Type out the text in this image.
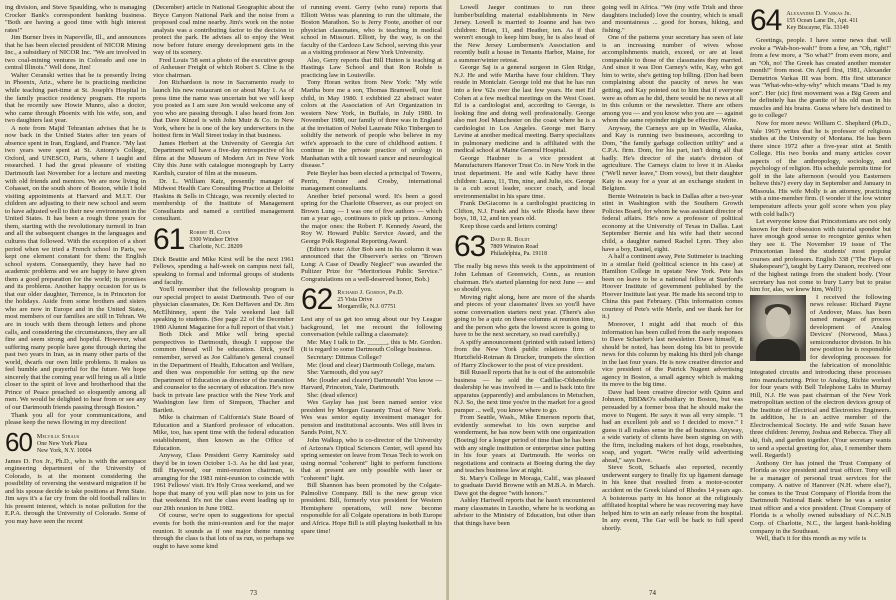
ing division, and Steve Spaulding, who is managing Crocker Bank's correspondent banking business. "Both are having a good time with high interest rates!"

Jim Burner lives in Naperville, Ill., and announces that he has been elected president of NICOR Mining Inc., a subsidiary of NICOR Inc. "We are involved in two coal-mining ventures in Colorado and one in central Illinois." Well done, Jim!

Walter Ceranski writes that he is presently living in Phoenix, Ariz., where he is practicing medicine while teaching part-time at St. Joseph's Hospital in the family practice residency program. He reports that he recently saw Howie Munro, also a doctor, who came through Phoenix with his wife, son, and two daughters last year.

A note from Majid Tehranian advises that he is now back in the United States after ten years of absence spent in Iran, England, and France. "My last two years were spent at St. Antony's College, Oxford, and UNESCO, Paris, where I taught and researched. I had the great pleasure of visiting Dartmouth last November for a lecture and meeting with old friends and mentors. We are now living in Cohasset, on the south shore of Boston, while I hold visiting appointments at Harvard and M.I.T. Our children are adjusting to their new school and seem to have adjusted well to their new environment in the United States. It has been a rough three years for them, starting with the revolutionary turmoil in Iran and all the subsequent changes in the languages and cultures that followed. With the exception of a short period when we tried a French school in Paris, we kept one element constant for them: the English school system. Consequently, they have had no academic problems and we are happy to have given them a good preparation for the world; its promises and its problems. Another happy occasion for us is that our older daughter, Terrence, is in Princeton for the holidays. Aside from some brothers and sisters who are now in Europe and in the United States, most members of our families are still in Tehran. We are in touch with them through letters and phone calls, and considering the circumstances, they are all fine and seem strong and hopeful. However, what suffering many people have gone through during the past two years in Iran, as in many other parts of the world, dwarfs our own little problems. It makes us feel humble and prayerful for the future. We hope sincerely that the coming year will bring us all a little closer to the spirit of love and brotherhood that the Prince of Peace preached so eloquently among all men. We would be delighted to hear from or see any of our Dartmouth friends passing through Boston."

Thank you all for your communications, and please keep the news flowing in my direction!

60 Melville Straus
One New York Plaza
New York, N.Y. 10004

James D. Fox Jr., Ph.D., who is with the aerospace engineering department of the University of Colorado, is at the moment considering the possibility of reversing the westward migration if he and his spouse decide to take positions at Penn State. Jim says it's a far cry from the old football rallies to his present interest, which is noise pollution for the E.P.A. through the University of Colorado. Some of you may have seen the recent

(December) article in National Geographic about the Bryce Canyon National Park and the noise from a proposed coal mine nearby. Jim's work on the noise analysis was a contributing factor to the decision to protect the park. He advises all to enjoy the West now before future energy development gets in the way of its scenery.

Fred Louis '58 sent a photo of the executive group of Anheuser Freight of which Robert S. Cline is the vice chairman.

Jon Richardson is now in Sacramento ready to launch his new restaurant on or about May 1. As of press time the name was uncertain but we will keep you posted as I am sure Jon would welcome any of you who are passing through. I also heard from Jon that Dave Kinzel is with John Muir & Co. in New York, where he is one of the key underwriters in the hottest firm in Wall Street today in that business.

James Herbert at the University of Georgia Art Department will have a five-day retrospective of his films at the Museum of Modern Art in New York City this June with catalogue monograph by Larry Kardish, curator of film at the museum.

Dr. L. William Katz, presently manager of Midwest Health Care Consulting Practice at Deloitte Haskins & Sells in Chicago, was recently elected to membership of the Institute of Management Consultants and named a certified management consultant.

61 Robert H. Conn
3300 Windsor Drive
Charlotte, N.C. 28209

Dick Beattie and Mike Kirst will be the next 1961 Fellows, spending a half-week on campus next fall, speaking to formal and informal groups of students and faculty.

You'll remember that the fellowship program is our special project to assist Dartmouth. Two of our physician classmates, Dr. Ken DeHaven and Dr. Jim McElhinney, spent the Yale weekend last fall speaking to students. (See page 22 of the December 1980 Alumni Magazine for a full report of that visit.)

Both Dick and Mike will bring special perspectives to Dartmouth, though I suppose the common thread will be education. Dick, you'll remember, served as Joe Califano's general counsel in the Department of Health, Education and Welfare, and then was responsible for setting up the new Department of Education as director of the transition and counselor to the secretary of education. He's now back in private law practice with the New York and Washington law firm of Simpson, Thacher and Bartlett.

Mike is chairman of California's State Board of Education and a Stanford professor of education. Mike, too, has spent time with the federal education establishment, then known as the Office of Education.

Anyway, Class President Gerry Kaminsky said they'd be in town October 1-3. As he did last year, Bill Haywood, our mini-reunion chairman, is arranging for the 1981 mini-reunion to coincide with 1961 Fellows' visit. It's Holy Cross weekend, and we hope that many of you will plan now to join us for that weekend. It's not the class event leading up to our 20th reunion in June 1982.

Of course, we're open to suggestions for special events for both the mini-reunion and for the major reunion. It sounds as if one major theme running through the class is that lots of us run, so perhaps we ought to have some kind

of running event. Gerry (who runs) reports that Elliott Weiss was planning to run the ultimate, the Boston Marathon. So is Jerry Foote, another of our physician classmates, who is teaching in medical school in Missouri. Elliott, by the way, is on the faculty of the Cardozo Law School, serving this year as a visiting professor at New York University.

Also, Gerry reports that Bill Hutton is teaching at Hastings Law School and that Ron Rohde is practicing law in Louisville.

Tony Horan writes from New York: "My wife Martha bore me a son, Thomas Bramwell, our first child, in May 1980. I exhibited 22 abstract water colors at the Association of Art Organization in western New York, in Buffalo, in July 1980. In November 1980, our family of three was in England at the invitation of Nobel Laureate Niko Tinbergen to solidify the network of people who believe in my wife's approach to the cure of childhood autism. I continue in the private practice of urology in Manhattan with a tilt toward cancer and neurological disease."

Pete Beyler has been elected a principal of Towers, Perrin, Forster and Crosby, international management consultants.

Another brief personal word. It's been a good spring for the Charlotte Observer, as our project on Brown Lung — I was one of five authors — which ran a year ago, continues to pick up prizes. Among the major ones: the Robert F. Kennedy Award, the Roy W. Howard Public Service Award, and the George Polk Regional Reporting Award.

(Editor's note: After Bob sent in his column it was announced that the Observer's series on "Brown Lung: A Case of Deadly Neglect" was awarded the Pulitzer Prize for "Meritorious Public Service." Congratulations on a well-deserved honor, Bob.)

62 Richard J. Gordon, Ph.D.
25 Vista Drive
Morganville, N.J. 07751

Lest any of us get too smug about our Ivy League background, let me recount the following conversation (while calling a classmate):

Me: May I talk to Dr. ______, this is Mr. Gordon. (It is regard to some Dartmouth College business.

Secretary: Dittmus College?

Me: (loud and clear) Dartmouth College, ma'am.

She: Yarmouth, did you say?

Me: (louder and clearer) Dartmouth! You know — Harvard, Princeton, Yale, Dartmouth.

She: (dead silence)

Wes Gaylay has just been named senior vice president by Morgan Guaranty Trust of New York. Wes was senior equity investment manager for pension and institutional accounts. Wes still lives in Sands Point, N.Y.

John Walkup, who is co-director of the University of Arizona's Optical Sciences Center, will spend his spring semester on leave from Texas Tech to work on using normal "coherent" light to perform functions that at present are only possible with laser or "coherent" light.

Bill Shannon has been promoted by the Colgate-Palmolive Company. Bill is the new group vice president. Bill, formerly vice president for Western Hemisphere operations, will now become responsible for all Colgate operations in both Europe and Africa. Hope Bill is still playing basketball in his spare time!

73

Lowell Jaeger continues to run three lumber/building material establishments in New Jersey. Lowell is married to Joanne and has two children: Brian, 11, and Heather, ten. As if that weren't enough to keep him busy, he is also head of the New Jersey Lumbermen's Association and recently built a house in Tenants Harbor, Maine, for a summer/winter retreat.

George Saj is a general surgeon in Glen Ridge, N.J. He and wife Martha have four children. They reside in Montclair. George told me that he has run into a few '62s over the last few years. He met Ed Cohen at a few medical meetings on the West Coast. Ed is a cardiologist and, according to George, is looking fine and doing well professionally. George also met Joel Manchester on the coast where he is a cardiologist in Los Angeles. George met Barry Levine at another medical meeting. Barry specializes in pulmonary medicine and is affiliated with the medical school at Maine General Hospital.

George Haubner is a vice president at Manufacturers Hanover Trust Co. in New York in the trust department. He and wife Kathy have three children: Laura, 11, Tim, nine, and Julie, six. George is a cub scout leader, soccer coach, and local environmentalist in his spare time.

Frank DeGiacomo is a cardiologist practicing in Clifton, N.J. Frank and his wife Rhoda have three boys, 18, 12, and ten years old.

Keep those cards and letters coming!

63 David R. Boldt
7809 Winston Road
Philadelphia, Pa. 19118

The really big news this week is the appointment of John Lehman of Greenwich, Conn., as reunion chairman. He's started planning for next June — and so should you.

Moving right along, here are more of the shards and pieces of your classmates' lives so you'll have some conversation starters next year. (There's also going to be a quiz on these columns at reunion time, and the person who gets the lowest score is going to have to be the next secretary, so read carefully.)

A spiffy announcement (printed with raised letters) from the New York public relations firm of Hurtzfield-Rotman & Drucker, trumpets the election of Harry Zlockower to the post of vice president.

Bill Russell reports that he is out of the automobile business — he sold the Cadillac-Oldsmobile dealership he was involved in — and is back into fire apparatus (apparently) and ambulances in Metuchen, N.J. So, the next time you're in the market for a good pumper ... well, you know where to go.

From Seattle, Wash., Mike Emerson reports that, evidently somewhat to his own surprise and wonderment, he has now been with one organization (Boeing) for a longer period of time than he has been with any single institution or enterprise since putting in his four years at Dartmouth. He works on negotiations and contracts at Boeing during the day and teaches business law at night.

St. Mary's College in Moraga, Calif., was pleased to graduate David Browne with an M.B.A. in March. Dave got the degree "with honors."

Ashley Hartwell reports that he hasn't encountered many classmates in Lesotho, where he is working as advisor to the Ministry of Education, but other than that things have been

going well in Africa. "We (my wife Trish and three daughters included) love the country, which is small and mountainous ... good for horses, hiking, and fishing."

One of the patterns your secretary has seen of late is an increasing number of wives whose accomplishments match, exceed, or are at least comparable to those of the classmates they married. And since it was Don Carney's wife, Kay, who got him to write, she's getting top billing. (Don had been complaining about the paucity of news he was getting, and Kay pointed out to him that if everyone were as often as he did, there would be no news at all in this column or the newsletter. There are others among you — and you know who you are — against whom the same rejoinder might be effective. Write.

Anyway, the Carneys are up in Wasilla, Alaska, and Kay is running two businesses, according to Dom, "the family garbage collection utility" and a C.P.A. firm. Dom, for his part, isn't doing all that badly. He's director of the state's division of agriculture. The Carneys claim to love it in Alaska ("We'll never leave," Dom vows), but their daughter Katy is away for a year at an exchange student in Belgium.

Bernie Weinstein is back in Dallas after a two-year stint in Washington with the Southern Growth Policies Board, for whom he was assistant director of federal affairs. He's now a professor of political economy at the University of Texas in Dallas. Last September Bernie and his wife had their second child, a daughter named Rachel Lynn. They also have a boy, Daniel, eight.

A half a continent away, Pete Suttmeier is teaching in a similar field (political science in his case) at Hamilton College in upstate New York. Pete has been on leave to be a national fellow at Stanford's Hoover Institute of government published by the Hoover Institute last year. He made his second trip to China this past February. (This information comes courtesy of Pete's wife Merle, and we thank her for it.)

Moreover, I might add that much of this information has been culled from the early responses to Dave Schaefer's last newsletter. Dave himself, it should be noted, has been doing his bit to provide news for this column by making his third job change in the last four years. He is now creative director and vice president of the Patrick Nugent advertising agency in Boston, a small agency which is making its move to the big time.

Dave had been creative director with Quinn and Johnson, BBD&O's subsidiary in Boston, but was persuaded by a former boss that he should make the move to Nugent. He says it was all very simple. "I had an excellent job and so I decided to move." I guess it all makes sense in the ad business. Anyway, a wide variety of clients have been signing on with the firm, including makers of hot dogs, rosebushes, soap, and yogurt. "We're really wild advertising ahead," says Dave.

Steve Scott, Schaefs also reported, recently underwent surgery to finally fix up ligament damage in his knee that resulted from a motor-scooter accident on the Greek island of Rhodes 14 years ago. A boisterous party in his honor at the religiously affiliated hospital where he was recovering may have helped him to win an early release from the hospital. In any event, The Gar will be back to full speed shortly.

64 Alexander D. Varkas Jr.
155 Ocean Lane Dr., Apt. 411
Key Biscayne, Fla. 33149

Greetings, people. I have some news that will evoke a "Wah-hoo-wah!" from a few, an "Oh, right!" from a few more, a "So what?" from even more, and an "Oh, no! The Greek has created another monster month!" from most. On April first, 1981, Alexander Demetrios Varkas III was born. His first utterance was "What-who-why-why" which means "Dad is my son". Her (sic) first movement was a Big Green and he definitely has the granite of his old man in his muscles and his brains. Guess where he's destined to go to college?

Now for more news: William C. Shepherd (Ph.D., Yale 1967) writes that he is professor of religious studies at the University of Montana. He has been there since 1972 after a five-year stint at Smith College. His two books and many articles cover aspects of the anthropology, sociology, and psychology of religion. His schedule permits time for golf in the late afternoon (would you Easterners believe this?) every day in September and January in Missoula. His wife Molly is an attorney, practicing with a nine-member firm. (I wonder if the low winter temperature affects your golf score when you play with cold balls?)

Let everyone know that Princetonians are not only known for their obsession with tutorial spondor but have enough good sense to recognize genius when they see it. The November 19 issue of The Princetonian listed the students' most popular courses and professors. English 338 ("The Plays of Shakespeare"), taught by Larry Danson, received one of the highest ratings from the student body. (Your secretary has not come to bury Larry but to praise him for, alas, we knew him, Well!)

I received the following news release: Richard Payne of Andover, Mass. has been named manager of process development of Analog Devices' (Norwood, Mass.) semiconductor division. In his new position he is responsible for developing processes for the fabrication of monolithic integrated circuits and introducing these processes into manufacturing. Prior to Analog, Richie worked for four years with Bell Telephone Labs in Murray Hill, N.J. He was past chairman of the New York metropolitan section of the electron devices group of the Institute of Electrical and Electronics Engineers. In addition, he is an active member of the Electrochemical Society. He and wife Susan have three children: Jeremy, Joshua and Rebecca. They all ski, fish, and garden together. (Your secretary wants to send a special greeting for, alas, I remember them well. Regards!)

Anthony Orr has joined the Trust Company of Florida as vice president and trust officer. Tony will be a manager of personal trust services for the company. A native of Hanover (N.H. where else?), he comes to the Trust Company of Florida from the Dartmouth National Bank where he was a senior trust officer and a vice president. (Trust Company of Florida is a wholly owned subsidiary of N.C.N.B Corp. of Charlotte, N.C., the largest bank-holding company in the Southeast.

Well, that's it for this month as my wife is

74
